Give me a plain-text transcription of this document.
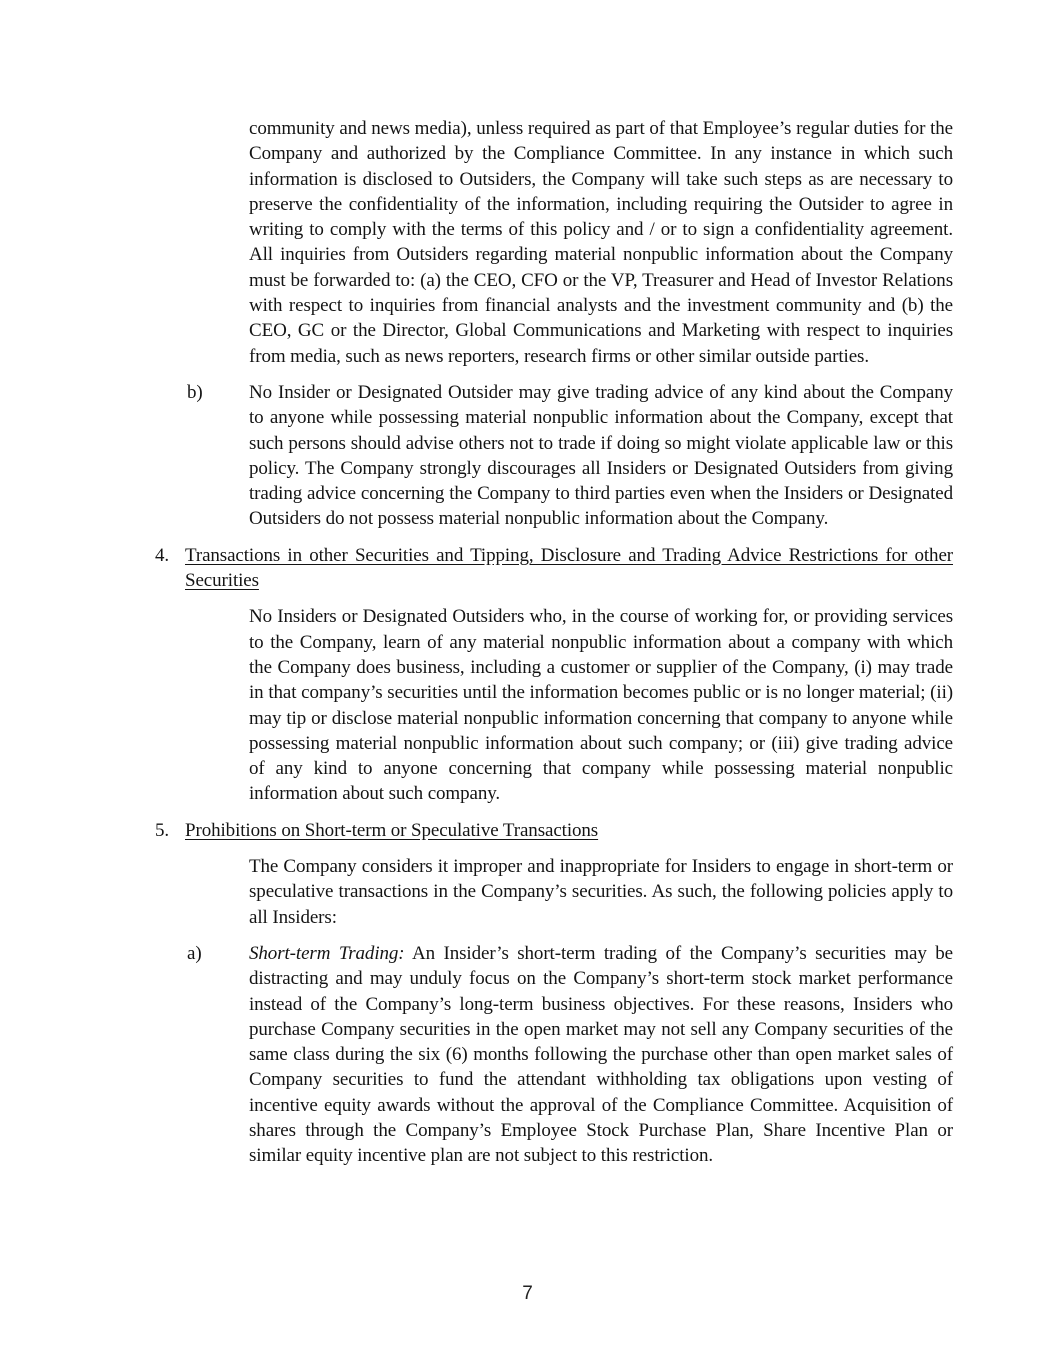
community and news media), unless required as part of that Employee’s regular duties for the Company and authorized by the Compliance Committee. In any instance in which such information is disclosed to Outsiders, the Company will take such steps as are necessary to preserve the confidentiality of the information, including requiring the Outsider to agree in writing to comply with the terms of this policy and / or to sign a confidentiality agreement. All inquiries from Outsiders regarding material nonpublic information about the Company must be forwarded to: (a) the CEO, CFO or the VP, Treasurer and Head of Investor Relations with respect to inquiries from financial analysts and the investment community and (b) the CEO, GC or the Director, Global Communications and Marketing with respect to inquiries from media, such as news reporters, research firms or other similar outside parties.

b)	No Insider or Designated Outsider may give trading advice of any kind about the Company to anyone while possessing material nonpublic information about the Company, except that such persons should advise others not to trade if doing so might violate applicable law or this policy. The Company strongly discourages all Insiders or Designated Outsiders from giving trading advice concerning the Company to third parties even when the Insiders or Designated Outsiders do not possess material nonpublic information about the Company.

4. Transactions in other Securities and Tipping, Disclosure and Trading Advice Restrictions for other Securities

No Insiders or Designated Outsiders who, in the course of working for, or providing services to the Company, learn of any material nonpublic information about a company with which the Company does business, including a customer or supplier of the Company, (i) may trade in that company’s securities until the information becomes public or is no longer material; (ii) may tip or disclose material nonpublic information concerning that company to anyone while possessing material nonpublic information about such company; or (iii) give trading advice of any kind to anyone concerning that company while possessing material nonpublic information about such company.

5. Prohibitions on Short-term or Speculative Transactions

The Company considers it improper and inappropriate for Insiders to engage in short-term or speculative transactions in the Company’s securities. As such, the following policies apply to all Insiders:

a)	Short-term Trading: An Insider’s short-term trading of the Company’s securities may be distracting and may unduly focus on the Company’s short-term stock market performance instead of the Company’s long-term business objectives. For these reasons, Insiders who purchase Company securities in the open market may not sell any Company securities of the same class during the six (6) months following the purchase other than open market sales of Company securities to fund the attendant withholding tax obligations upon vesting of incentive equity awards without the approval of the Compliance Committee. Acquisition of shares through the Company’s Employee Stock Purchase Plan, Share Incentive Plan or similar equity incentive plan are not subject to this restriction.

7
